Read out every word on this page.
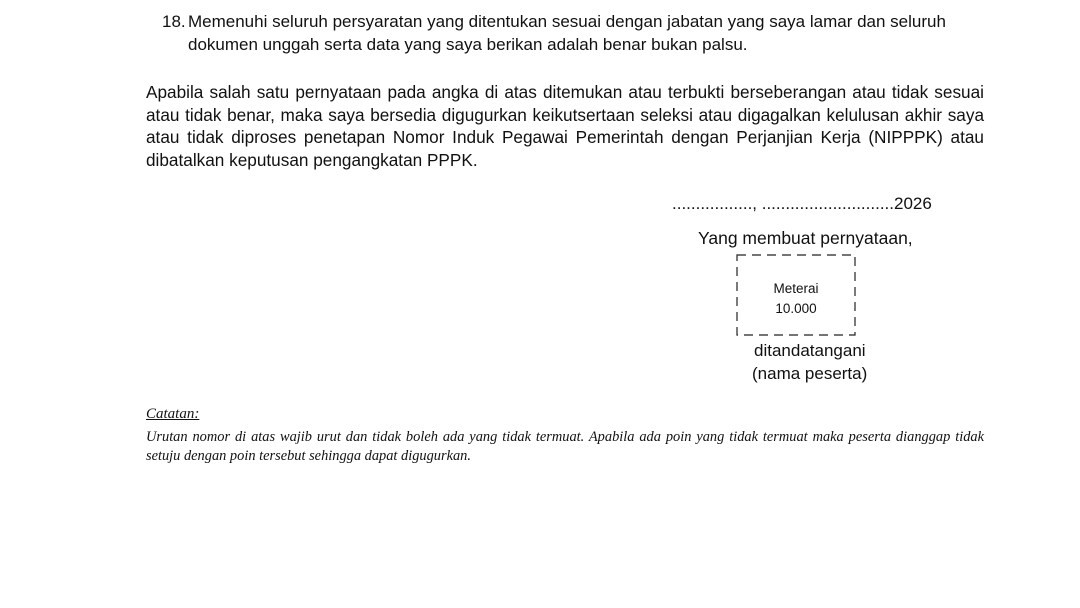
18. Memenuhi seluruh persyaratan yang ditentukan sesuai dengan jabatan yang saya lamar dan seluruh dokumen unggah serta data yang saya berikan adalah benar bukan palsu.
Apabila salah satu pernyataan pada angka di atas ditemukan atau terbukti berseberangan atau tidak sesuai atau tidak benar, maka saya bersedia digugurkan keikutsertaan seleksi atau digagalkan kelulusan akhir saya atau tidak diproses penetapan Nomor Induk Pegawai Pemerintah dengan Perjanjian Kerja (NIPPPK) atau dibatalkan keputusan pengangkatan PPPK.
................., ............................2026
Yang membuat pernyataan,
Meterai
10.000
ditandatangani
(nama peserta)
Catatan:
Urutan nomor di atas wajib urut dan tidak boleh ada yang tidak termuat. Apabila ada poin yang tidak termuat maka peserta dianggap tidak setuju dengan poin tersebut sehingga dapat digugurkan.
